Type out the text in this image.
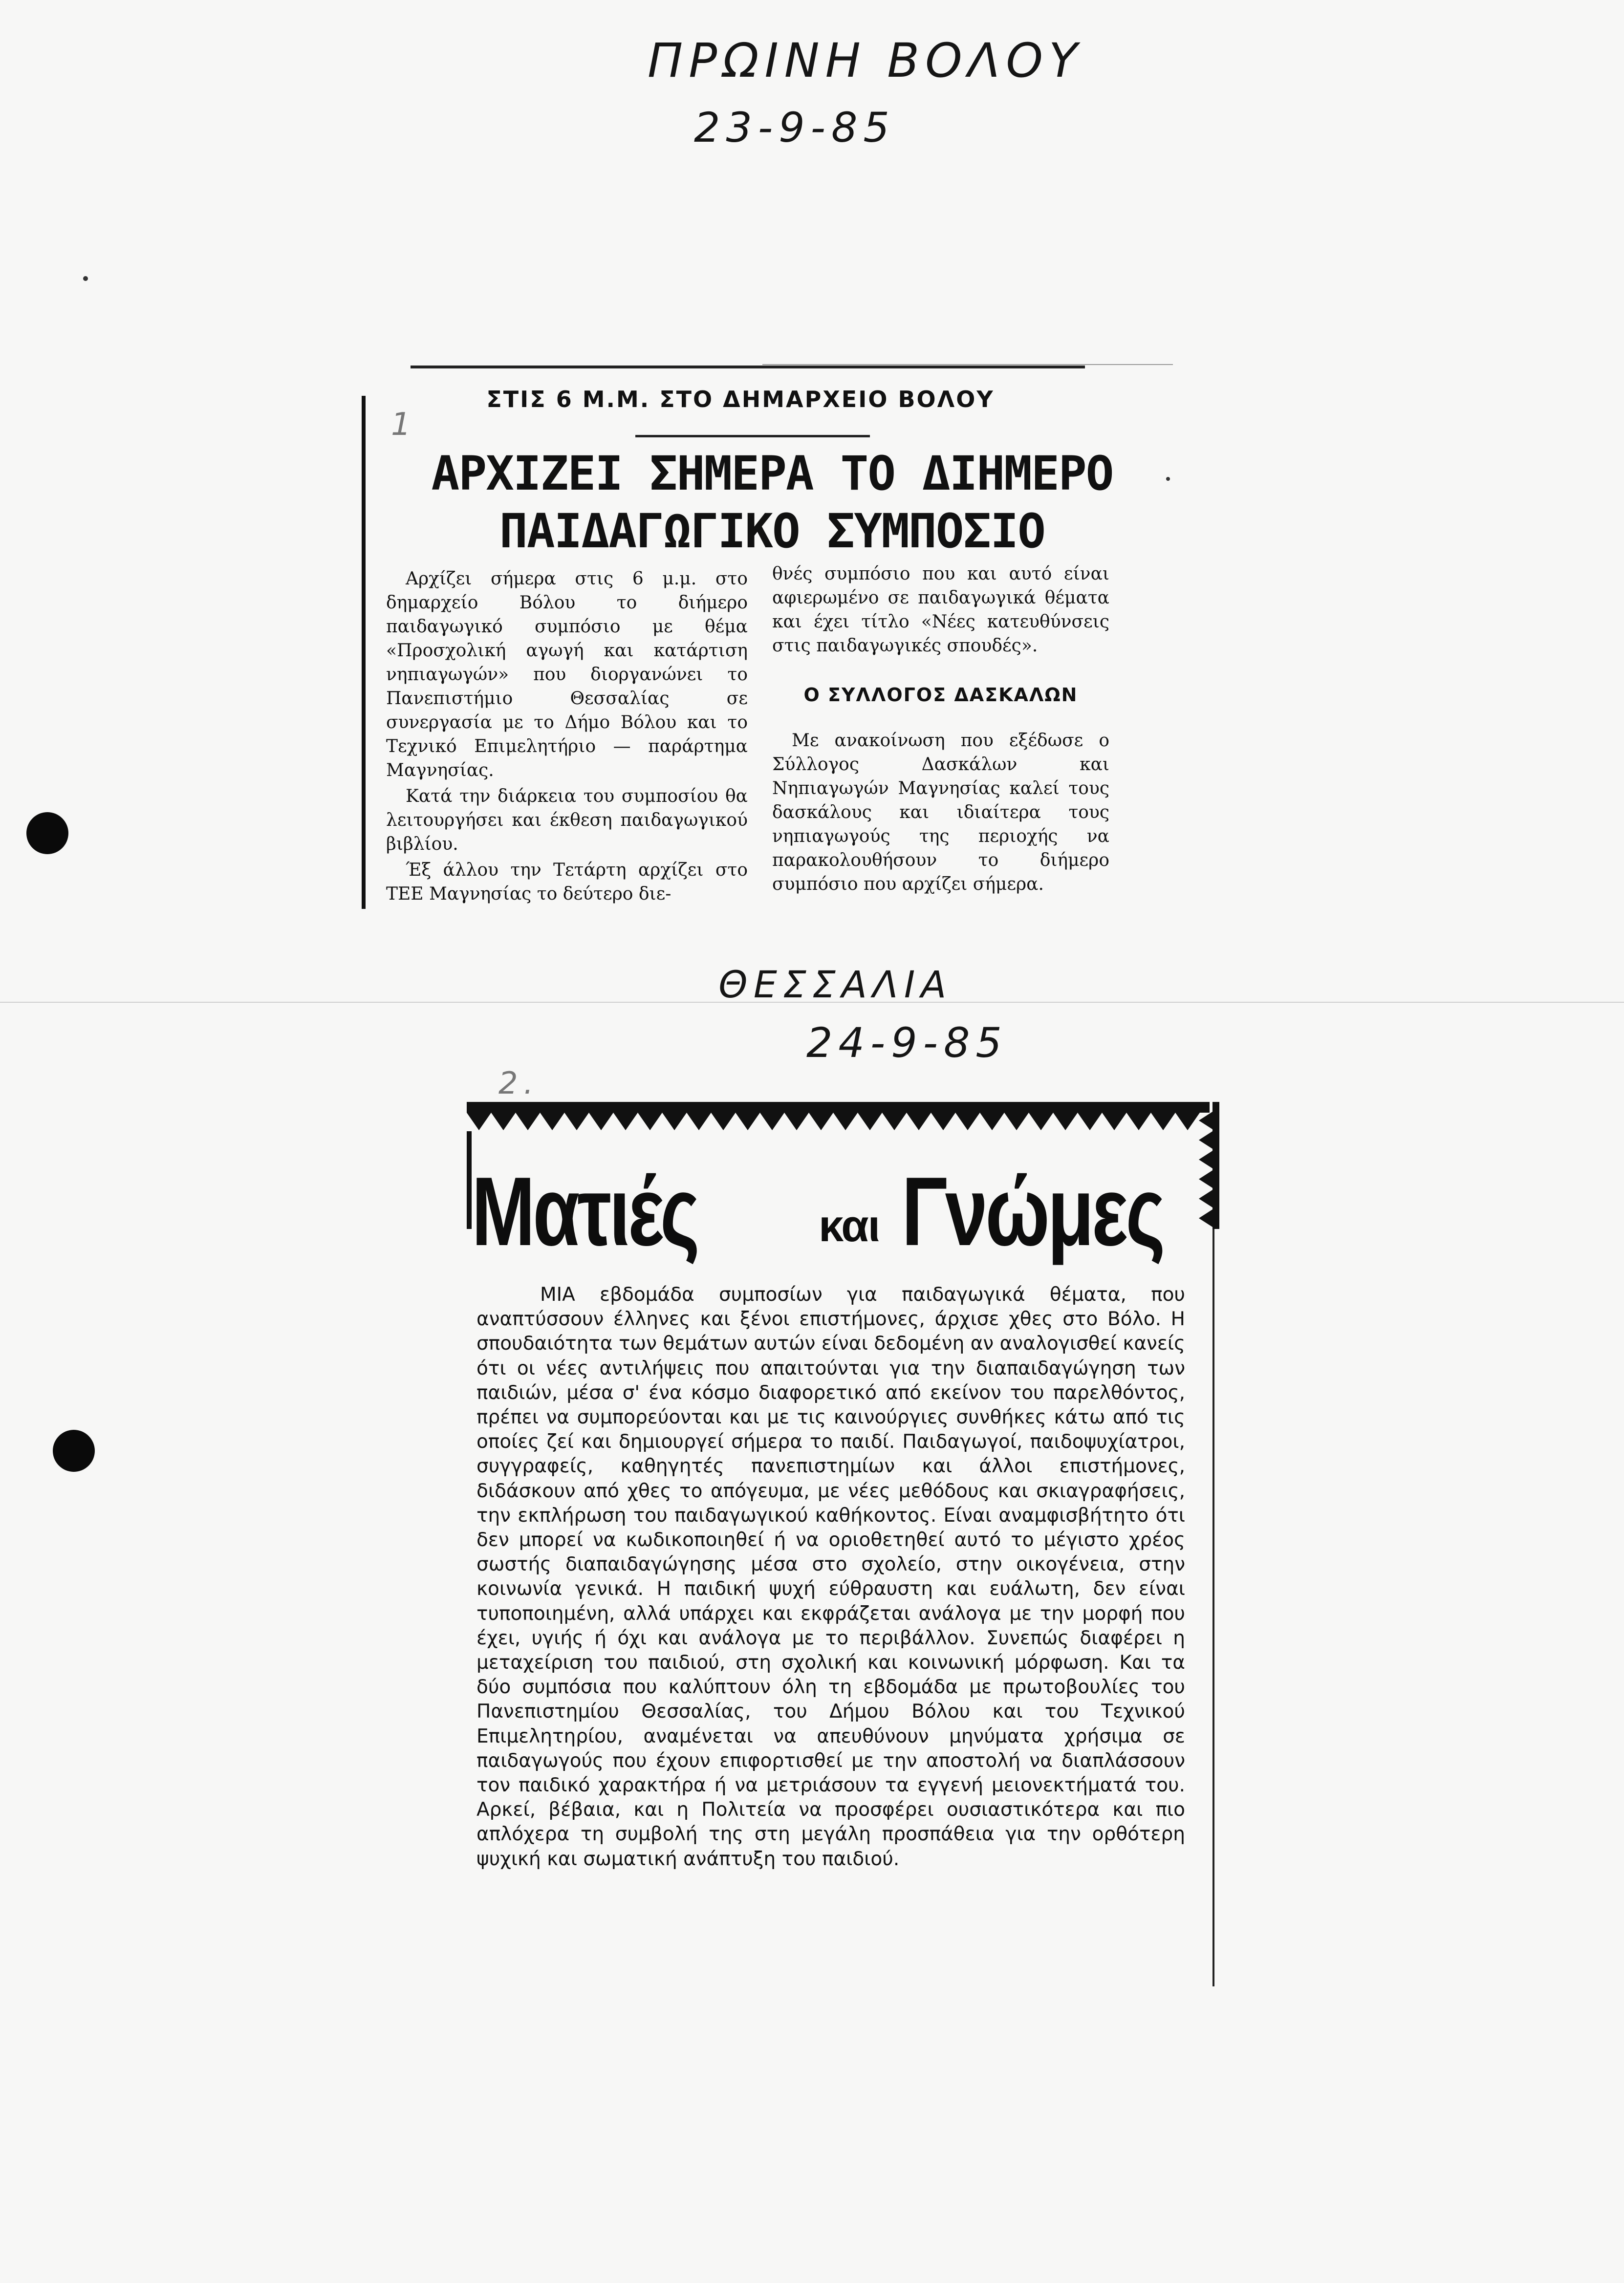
ΠΡΩΙΝΗ ΒΟΛΟΥ
23-9-85
1
ΘΕΣΣΑΛΙΑ
24-9-85
2.
ΣΤΙΣ 6 Μ.Μ. ΣΤΟ ΔΗΜΑΡΧΕΙΟ ΒΟΛΟΥ
ΑΡΧΙΖΕΙ ΣΗΜΕΡΑ ΤΟ ΔΙΗΜΕΡΟ
ΠΑΙΔΑΓΩΓΙΚΟ ΣΥΜΠΟΣΙΟ

Αρχίζει σήμερα στις 6 μ.μ. στο δημαρχείο Βόλου το διήμερο παιδαγωγικό συμπόσιο με θέμα «Προσχολική αγωγή και κατάρτιση νηπιαγωγών» που διοργανώνει το Πανεπιστήμιο Θεσσαλίας σε συνεργασία με το Δήμο Βόλου και το Τεχνικό Επιμελητήριο — παράρτημα Μαγνησίας.

Κατά την διάρκεια του συμποσίου θα λειτουργήσει και έκθεση παιδαγωγικού βιβλίου.

Έξ άλλου την Τετάρτη αρχίζει στο ΤΕΕ Μαγνησίας το δεύτερο διε-

θνές συμπόσιο που και αυτό είναι αφιερωμένο σε παιδαγωγικά θέματα και έχει τίτλο «Νέες κατευθύνσεις στις παιδαγωγικές σπουδές».

Ο ΣΥΛΛΟΓΟΣ ΔΑΣΚΑΛΩΝ

Με ανακοίνωση που εξέδωσε ο Σύλλογος Δασκάλων και Νηπιαγωγών Μαγνησίας καλεί τους δασκάλους και ιδιαίτερα τους νηπιαγωγούς της περιοχής να παρακολουθήσουν το διήμερο συμπόσιο που αρχίζει σήμερα.

Ματιές	και Γνώμες

ΜΙΑ εβδομάδα συμποσίων για παιδαγωγικά θέματα, που αναπτύσσουν έλληνες και ξένοι επιστήμονες, άρχισε χθες στο Βόλο. Η σπουδαιότητα των θεμάτων αυτών είναι δεδομένη αν αναλογισθεί κανείς ότι οι νέες αντιλήψεις που απαιτούνται για την διαπαιδαγώγηση των παιδιών, μέσα σ' ένα κόσμο διαφορετικό από εκείνον του παρελθόντος, πρέπει να συμπορεύονται και με τις καινούργιες συνθήκες κάτω από τις οποίες ζεί και δημιουργεί σήμερα το παιδί. Παιδαγωγοί, παιδοψυχίατροι, συγγραφείς, καθηγητές πανεπιστημίων και άλλοι επιστήμονες, διδάσκουν από χθες το απόγευμα, με νέες μεθόδους και σκιαγραφήσεις, την εκπλήρωση του παιδαγωγικού καθήκοντος. Είναι αναμφισβήτητο ότι δεν μπορεί να κωδικοποιηθεί ή να οριοθετηθεί αυτό το μέγιστο χρέος σωστής διαπαιδαγώγησης μέσα στο σχολείο, στην οικογένεια, στην κοινωνία γενικά. Η παιδική ψυχή εύθραυστη και ευάλωτη, δεν είναι τυποποιημένη, αλλά υπάρχει και εκφράζεται ανάλογα με την μορφή που έχει, υγιής ή όχι και ανάλογα με το περιβάλλον. Συνεπώς διαφέρει η μεταχείριση του παιδιού, στη σχολική και κοινωνική μόρφωση. Και τα δύο συμπόσια που καλύπτουν όλη τη εβδομάδα με πρωτοβουλίες του Πανεπιστημίου Θεσσαλίας, του Δήμου Βόλου και του Τεχνικού Επιμελητηρίου, αναμένεται να απευθύνουν μηνύματα χρήσιμα σε παιδαγωγούς που έχουν επιφορτισθεί με την αποστολή να διαπλάσσουν τον παιδικό χαρακτήρα ή να μετριάσουν τα εγγενή μειονεκτήματά του. Αρκεί, βέβαια, και η Πολιτεία να προσφέρει ουσιαστικότερα και πιο απλόχερα τη συμβολή της στη μεγάλη προσπάθεια για την ορθότερη ψυχική και σωματική ανάπτυξη του παιδιού.
